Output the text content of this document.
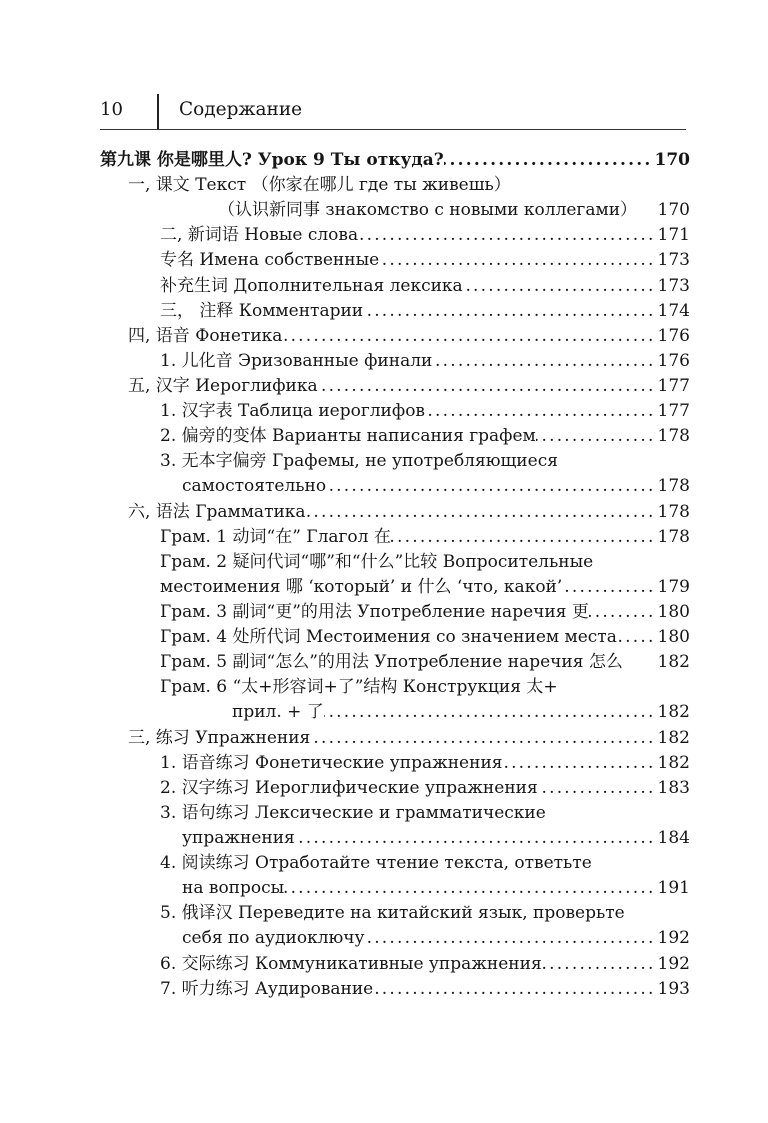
10	Содержание
第九课 你是哪里人? Урок 9 Ты откуда? .....	170
一, 课文 Текст （你家在哪儿 где ты живешь）
（认识新同事 знакомство с новыми коллегами） 170
二, 新词语 Новые слова .....	171
专名 Имена собственные .....	173
补充生词 Дополнительная лексика .....	173
三， 注释 Комментарии .....	174
四, 语音 Фонетика .....	176
1. 儿化音 Эризованные финали .....	176
五, 汉字 Иероглифика .....	177
1. 汉字表 Таблица иероглифов .....	177
2. 偏旁的变体 Варианты написания графем .....	178
3. 无本字偏旁 Графемы, не употребляющиеся
самостоятельно .....	178
六, 语法 Грамматика .....	178
Грам. 1 动词“在” Глагол 在 .....	178
Грам. 2 疑问代词“哪”和“什么”比较 Вопросительные
местоимения 哪 ‘который’ и 什么 ‘что, какой’ .....	179
Грам. 3 副词“更”的用法 Употребление наречия 更 .....	180
Грам. 4 处所代词 Местоимения со значением места ..... 180
Грам. 5 副词“怎么”的用法 Употребление наречия 怎么 182
Грам. 6 “太+形容词+了”结构 Конструкция 太+
прил. + 了 .....	182
三, 练习 Упражнения .....	182
1. 语音练习 Фонетические упражнения .....	182
2. 汉字练习 Иероглифические упражнения .....	183
3. 语句练习 Лексические и грамматические
упражнения .....	184
4. 阅读练习 Отработайте чтение текста, ответьте
на вопросы .....	191
5. 俄译汉 Переведите на китайский язык, проверьте
себя по аудиоключу .....	192
6. 交际练习 Коммуникативные упражнения .....	192
7. 听力练习 Аудирование .....	193
